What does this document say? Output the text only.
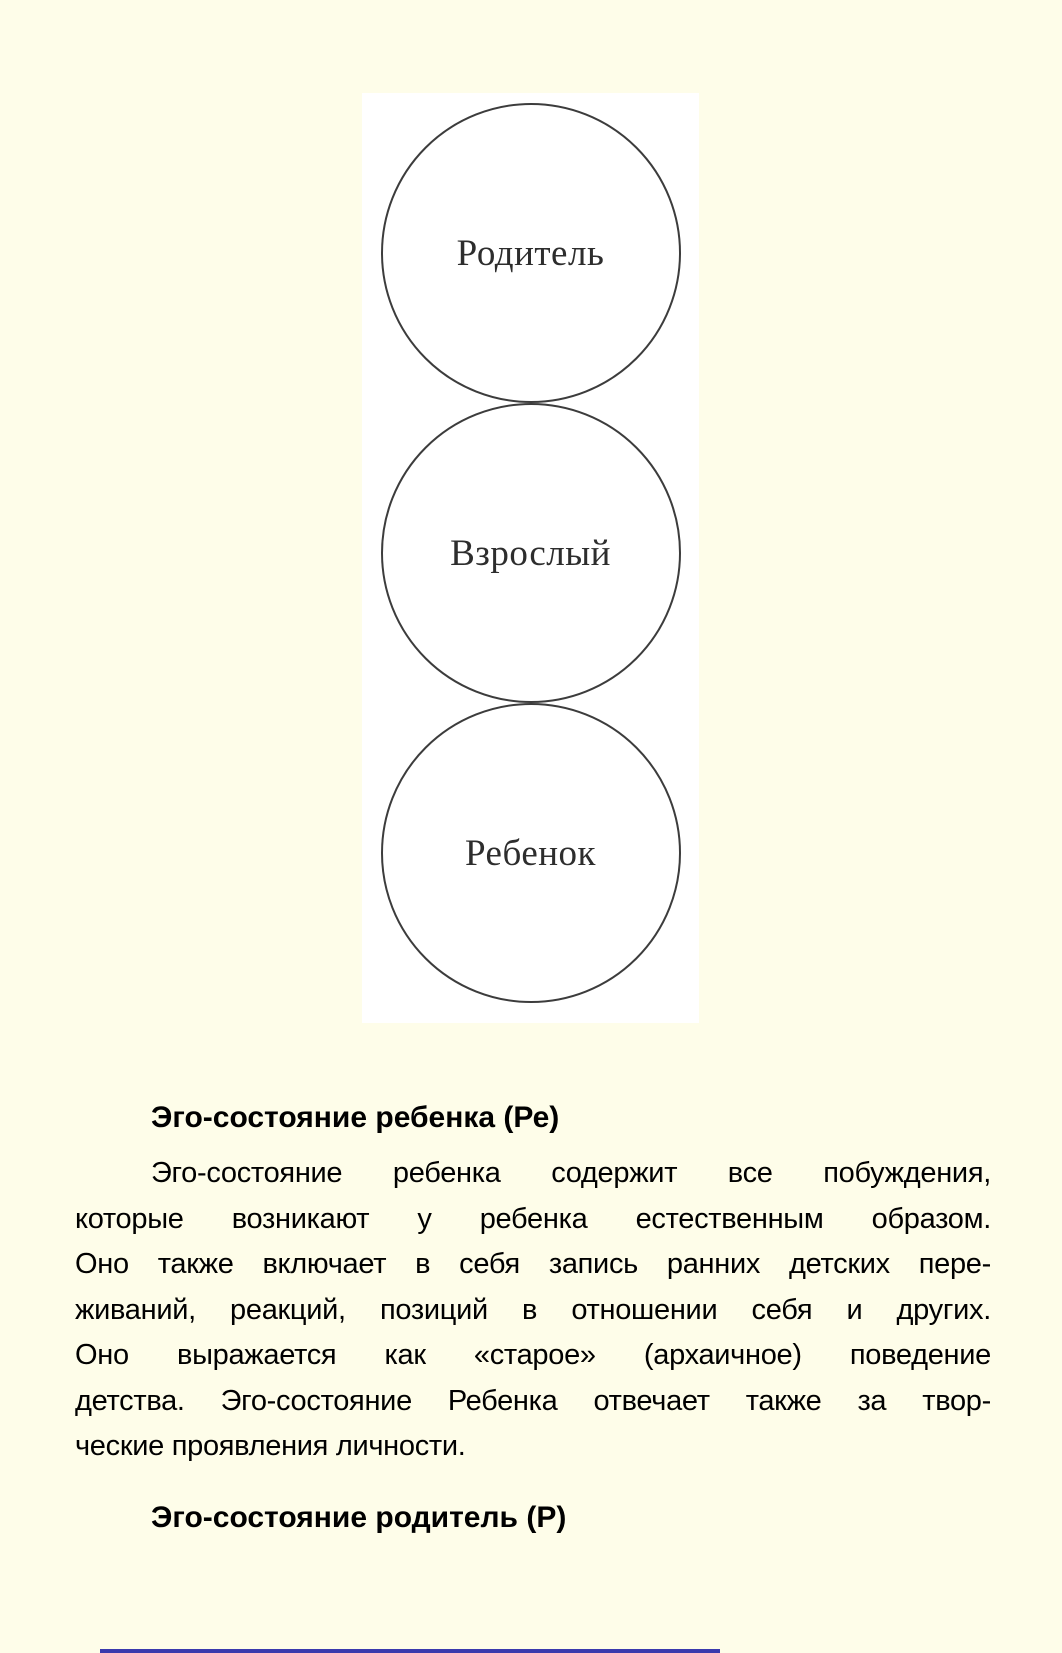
Родитель
Взрослый
Ребенок
Эго-состояние ребенка (Ре)
Эго-состояние ребенка содержит все побуждения,
которые возникают у ребенка естественным образом.
Оно также включает в себя запись ранних детских пере-
живаний, реакций, позиций в отношении себя и других.
Оно выражается как «старое» (архаичное) поведение
детства. Эго-состояние Ребенка отвечает также за твор-
ческие проявления личности.
Эго-состояние родитель (Р)
